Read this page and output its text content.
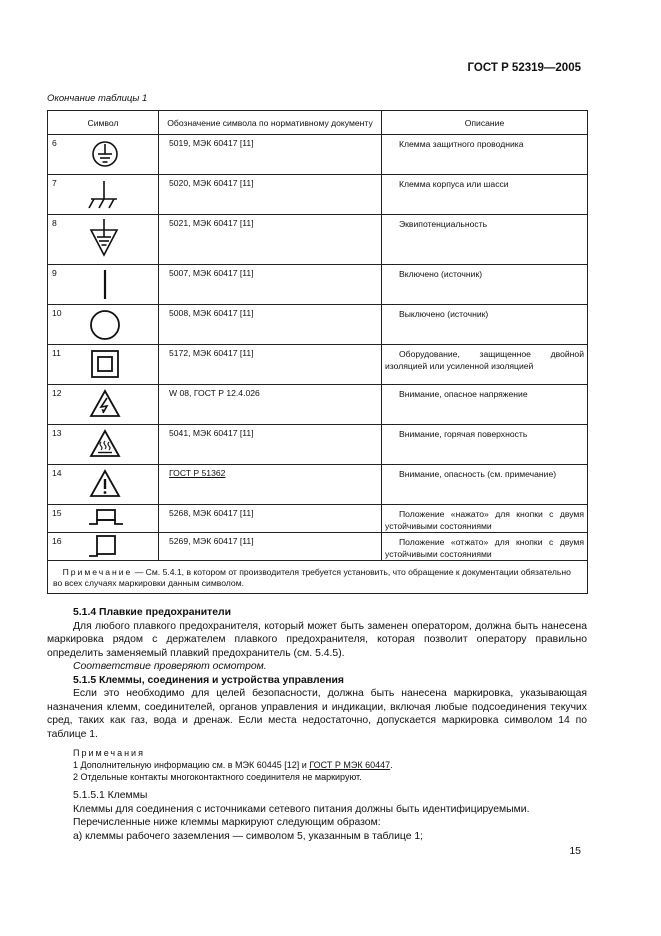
ГОСТ Р 52319—2005
Окончание таблицы 1
Символ	Обозначение символа по нормативному документу	Описание

6	5019, МЭК 60417 [11]	Клемма защитного проводника

7	5020, МЭК 60417 [11]	Клемма корпуса или шасси

8	5021, МЭК 60417 [11]	Эквипотенциальность

9	5007, МЭК 60417 [11]	Включено (источник)

10	5008, МЭК 60417 [11]	Выключено (источник)

11	5172, МЭК 60417 [11]	Оборудование, защищенное двойной изоляцией или усиленной изоляцией

12	W 08, ГОСТ Р 12.4.026	Внимание, опасное напряжение

13	5041, МЭК 60417 [11]	Внимание, горячая поверхность

14	ГОСТ Р 51362	Внимание, опасность (см. примечание)

15	5268, МЭК 60417 [11]	Положение «нажато» для кнопки с двумя устойчивыми состояниями

16	5269, МЭК 60417 [11]	Положение «отжато» для кнопки с двумя устойчивыми состояниями

Примечание — См. 5.4.1, в котором от производителя требуется установить, что обращение к документации обязательно во всех случаях маркировки данным символом.		

5.1.4 Плавкие предохранители

Для любого плавкого предохранителя, который может быть заменен оператором, должна быть нанесена маркировка рядом с держателем плавкого предохранителя, которая позволит оператору правильно определить заменяемый плавкий предохранитель (см. 5.4.5).

Соответствие проверяют осмотром.

5.1.5 Клеммы, соединения и устройства управления

Если это необходимо для целей безопасности, должна быть нанесена маркировка, указывающая назначения клемм, соединителей, органов управления и индикации, включая любые подсоединения текучих сред, таких как газ, вода и дренаж. Если места недостаточно, допускается маркировка символом 14 по таблице 1.

Примечания

1 Дополнительную информацию см. в МЭК 60445 [12] и ГОСТ Р МЭК 60447.

2 Отдельные контакты многоконтактного соединителя не маркируют.

5.1.5.1 Клеммы

Клеммы для соединения с источниками сетевого питания должны быть идентифицируемыми.

Перечисленные ниже клеммы маркируют следующим образом:

а) клеммы рабочего заземления — символом 5, указанным в таблице 1;

15
